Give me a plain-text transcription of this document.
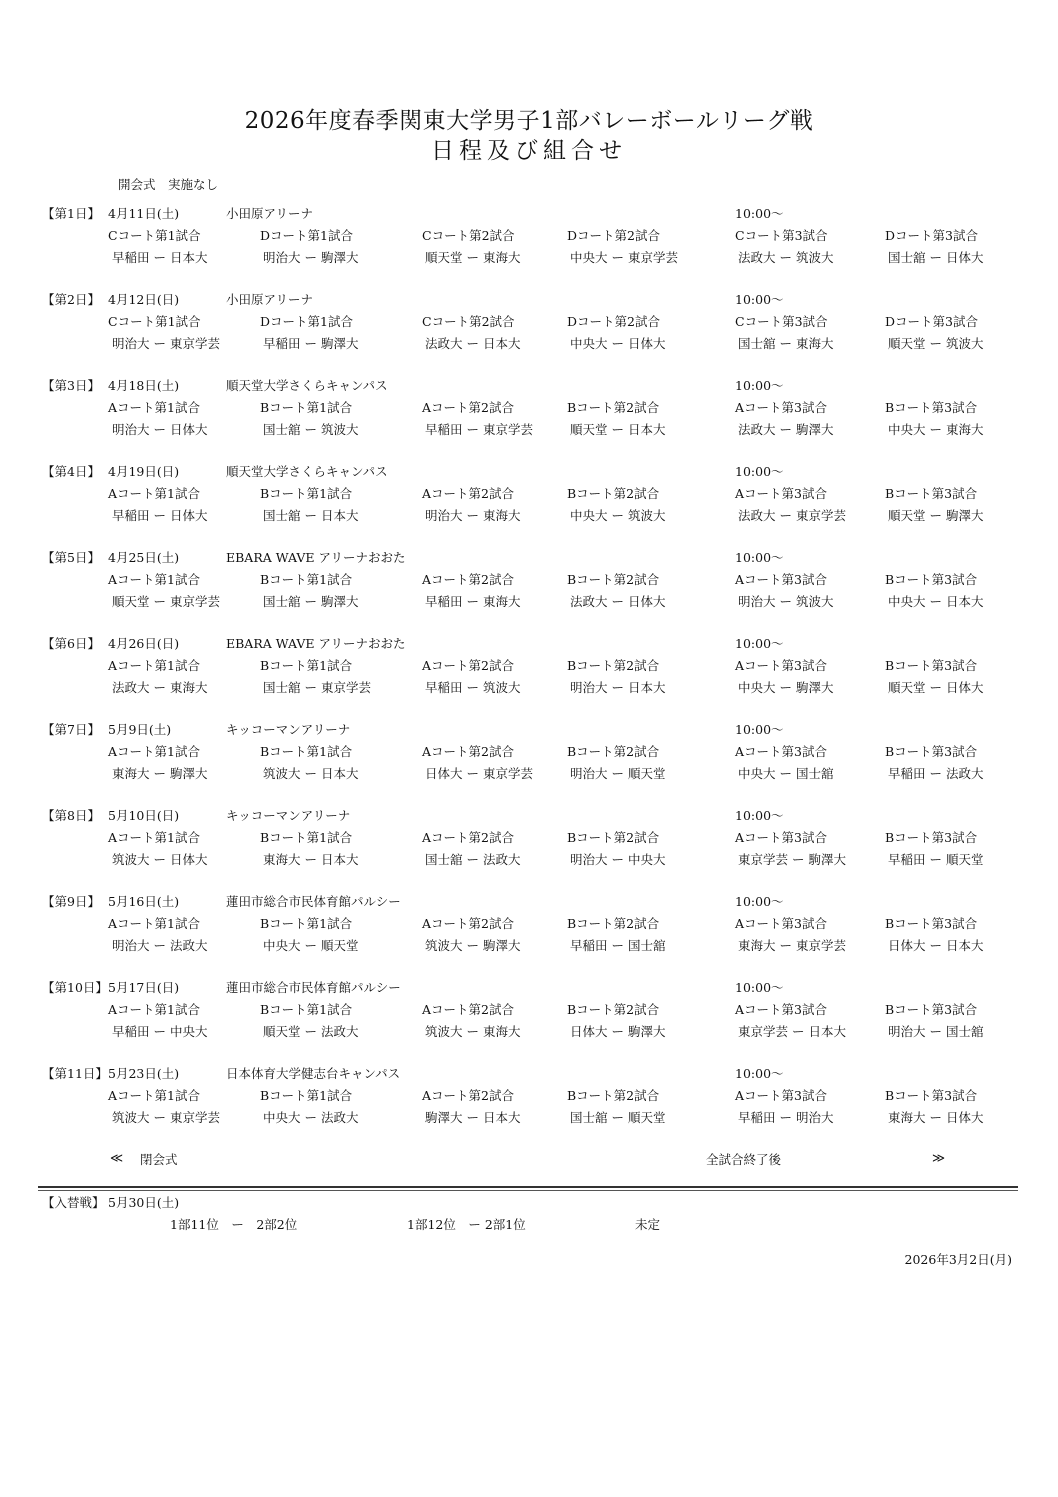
2026年度春季関東大学男子1部バレーボールリーグ戦
日程及び組合せ
開会式　実施なし
【第1日】 4月11日(土)	小田原アリーナ	10:00～
Cコート第1試合	Dコート第1試合	Cコート第2試合	Dコート第2試合	Cコート第3試合	Dコート第3試合
早稲田 ー 日本大	明治大 ー 駒澤大	順天堂 ー 東海大	中央大 ー 東京学芸	法政大 ー 筑波大	国士舘 ー 日体大
【第2日】 4月12日(日)	小田原アリーナ	10:00～
Cコート第1試合	Dコート第1試合	Cコート第2試合	Dコート第2試合	Cコート第3試合	Dコート第3試合
明治大 ー 東京学芸	早稲田 ー 駒澤大	法政大 ー 日本大	中央大 ー 日体大	国士舘 ー 東海大	順天堂 ー 筑波大
【第3日】 4月18日(土)	順天堂大学さくらキャンパス	10:00～
Aコート第1試合	Bコート第1試合	Aコート第2試合	Bコート第2試合	Aコート第3試合	Bコート第3試合
明治大 ー 日体大	国士舘 ー 筑波大	早稲田 ー 東京学芸	順天堂 ー 日本大	法政大 ー 駒澤大	中央大 ー 東海大
【第4日】 4月19日(日)	順天堂大学さくらキャンパス	10:00～
Aコート第1試合	Bコート第1試合	Aコート第2試合	Bコート第2試合	Aコート第3試合	Bコート第3試合
早稲田 ー 日体大	国士舘 ー 日本大	明治大 ー 東海大	中央大 ー 筑波大	法政大 ー 東京学芸	順天堂 ー 駒澤大
【第5日】 4月25日(土)	EBARA WAVE アリーナおおた	10:00～
Aコート第1試合	Bコート第1試合	Aコート第2試合	Bコート第2試合	Aコート第3試合	Bコート第3試合
順天堂 ー 東京学芸	国士舘 ー 駒澤大	早稲田 ー 東海大	法政大 ー 日体大	明治大 ー 筑波大	中央大 ー 日本大
【第6日】 4月26日(日)	EBARA WAVE アリーナおおた	10:00～
Aコート第1試合	Bコート第1試合	Aコート第2試合	Bコート第2試合	Aコート第3試合	Bコート第3試合
法政大 ー 東海大	国士舘 ー 東京学芸	早稲田 ー 筑波大	明治大 ー 日本大	中央大 ー 駒澤大	順天堂 ー 日体大
【第7日】 5月9日(土)	キッコーマンアリーナ	10:00～
Aコート第1試合	Bコート第1試合	Aコート第2試合	Bコート第2試合	Aコート第3試合	Bコート第3試合
東海大 ー 駒澤大	筑波大 ー 日本大	日体大 ー 東京学芸	明治大 ー 順天堂	中央大 ー 国士舘	早稲田 ー 法政大
【第8日】 5月10日(日)	キッコーマンアリーナ	10:00～
Aコート第1試合	Bコート第1試合	Aコート第2試合	Bコート第2試合	Aコート第3試合	Bコート第3試合
筑波大 ー 日体大	東海大 ー 日本大	国士舘 ー 法政大	明治大 ー 中央大	東京学芸 ー 駒澤大	早稲田 ー 順天堂
【第9日】 5月16日(土)	蓮田市総合市民体育館パルシー	10:00～
Aコート第1試合	Bコート第1試合	Aコート第2試合	Bコート第2試合	Aコート第3試合	Bコート第3試合
明治大 ー 法政大	中央大 ー 順天堂	筑波大 ー 駒澤大	早稲田 ー 国士舘	東海大 ー 東京学芸	日体大 ー 日本大
【第10日】 5月17日(日)	蓮田市総合市民体育館パルシー	10:00～
Aコート第1試合	Bコート第1試合	Aコート第2試合	Bコート第2試合	Aコート第3試合	Bコート第3試合
早稲田 ー 中央大	順天堂 ー 法政大	筑波大 ー 東海大	日体大 ー 駒澤大	東京学芸 ー 日本大	明治大 ー 国士舘
【第11日】 5月23日(土)	日本体育大学健志台キャンパス	10:00～
Aコート第1試合	Bコート第1試合	Aコート第2試合	Bコート第2試合	Aコート第3試合	Bコート第3試合
筑波大 ー 東京学芸	中央大 ー 法政大	駒澤大 ー 日本大	国士舘 ー 順天堂	早稲田 ー 明治大	東海大 ー 日体大
≪ 閉会式	全試合終了後	≫
【入替戦】 5月30日(土)
1部11位　ー　2部2位	1部12位　ー 2部1位	未定
2026年3月2日(月)
